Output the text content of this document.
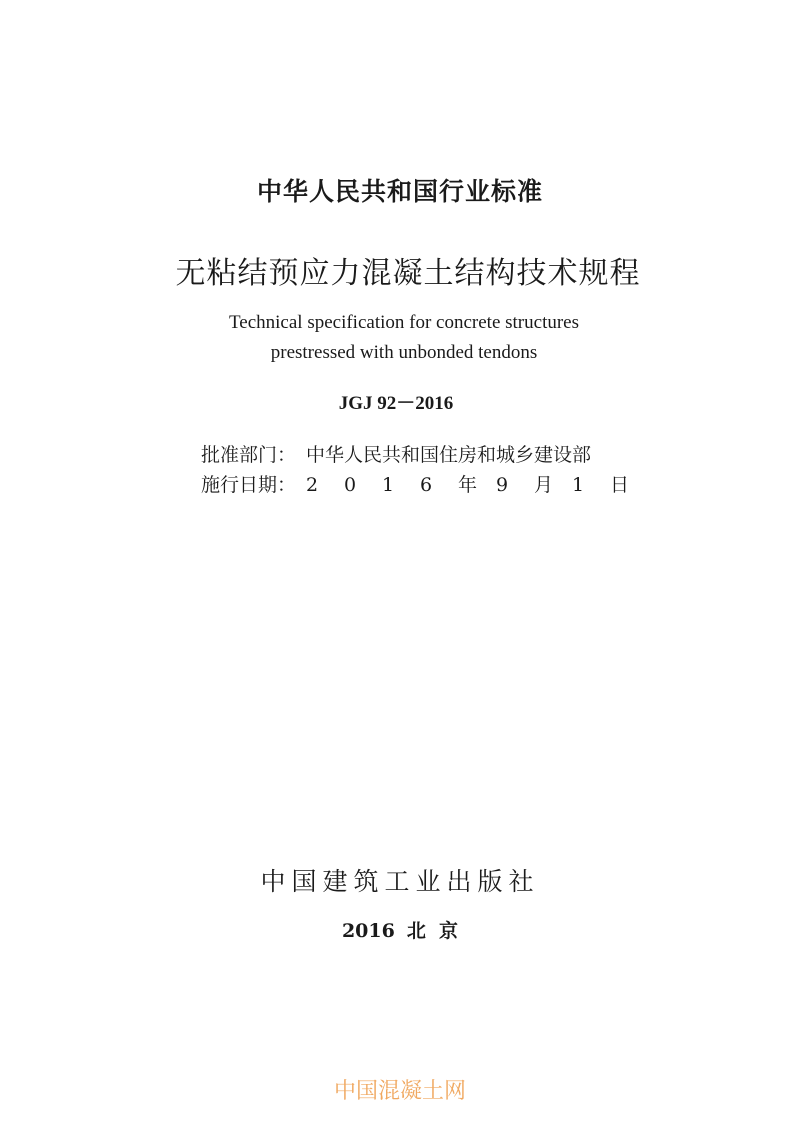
中华人民共和国行业标准
无粘结预应力混凝土结构技术规程
Technical specification for concrete structures
prestressed with unbonded tendons
JGJ 92－2016
批准部门： 中华人民共和国住房和城乡建设部
施行日期： 2 0 1 6 年 9 月 1 日
中国建筑工业出版社
2016 北  京
中国混凝土网
